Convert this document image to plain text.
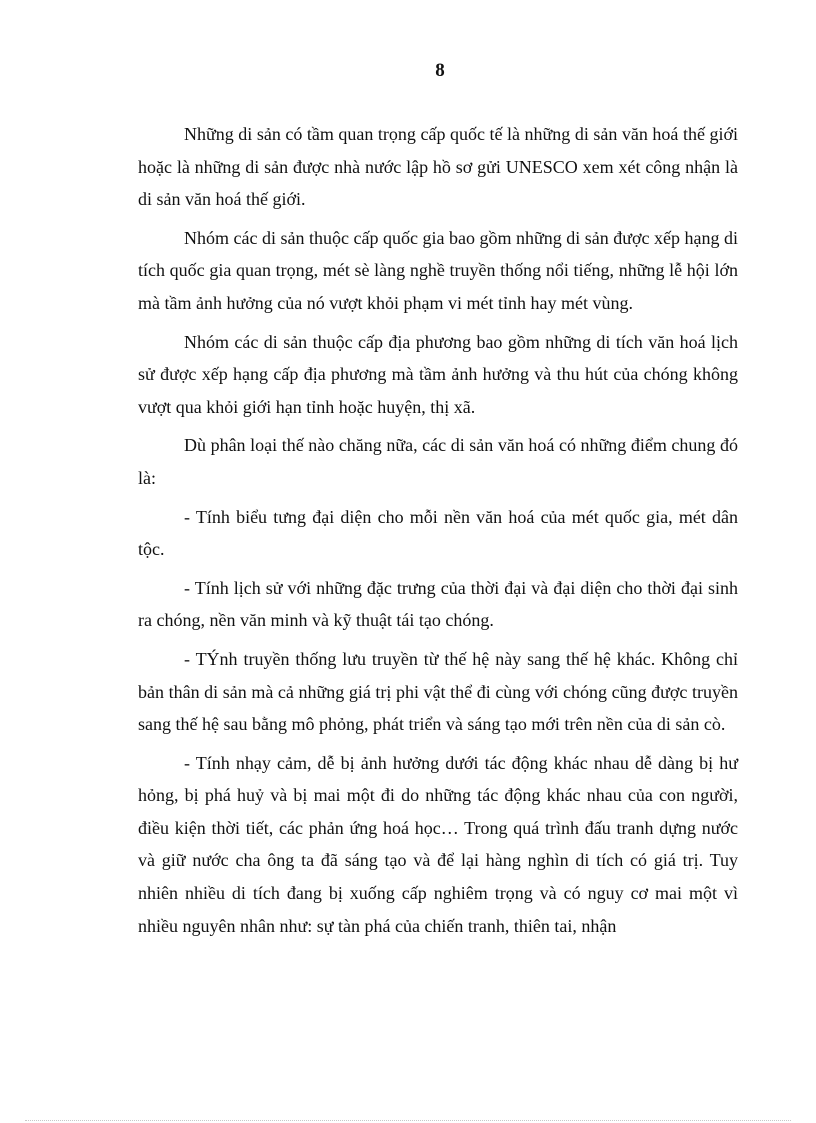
8

Những di sản có tầm quan trọng cấp quốc tế là những di sản văn hoá thế giới hoặc là những di sản được nhà nước lập hồ sơ gửi UNESCO xem xét công nhận là di sản văn hoá thế giới.

Nhóm các di sản thuộc cấp quốc gia bao gồm những di sản được xếp hạng di tích quốc gia quan trọng, mét sè làng nghề truyền thống nổi tiếng, những lễ hội lớn mà tầm ảnh hưởng của nó vượt khỏi phạm vi mét tỉnh hay mét vùng.

Nhóm các di sản thuộc cấp địa phương bao gồm những di tích văn hoá lịch sử được xếp hạng cấp địa phương mà tầm ảnh hưởng và thu hút của chóng không vượt qua khỏi giới hạn tỉnh hoặc huyện, thị xã.

Dù phân loại thế nào chăng nữa, các di sản văn hoá có những điểm chung đó là:

- Tính biểu tưng đại diện cho mỗi nền văn hoá của mét quốc gia, mét dân tộc.

- Tính lịch sử với những đặc trưng của thời đại và đại diện cho thời đại sinh ra chóng, nền văn minh và kỹ thuật tái tạo chóng.

- TÝnh truyền thống lưu truyền từ thế hệ này sang thế hệ khác. Không chỉ bản thân di sản mà cả những giá trị phi vật thể đi cùng với chóng cũng được truyền sang thế hệ sau bằng mô phỏng, phát triển và sáng tạo mới trên nền của di sản cò.

- Tính nhạy cảm, dễ bị ảnh hưởng dưới tác động khác nhau dễ dàng bị hư hỏng, bị phá huỷ và bị mai một đi do những tác động khác nhau của con người, điều kiện thời tiết, các phản ứng hoá học… Trong quá trình đấu tranh dựng nước và giữ nước cha ông ta đã sáng tạo và để lại hàng nghìn di tích có giá trị. Tuy nhiên nhiều di tích đang bị xuống cấp nghiêm trọng và có nguy cơ mai một vì nhiều nguyên nhân như: sự tàn phá của chiến tranh, thiên tai, nhận
